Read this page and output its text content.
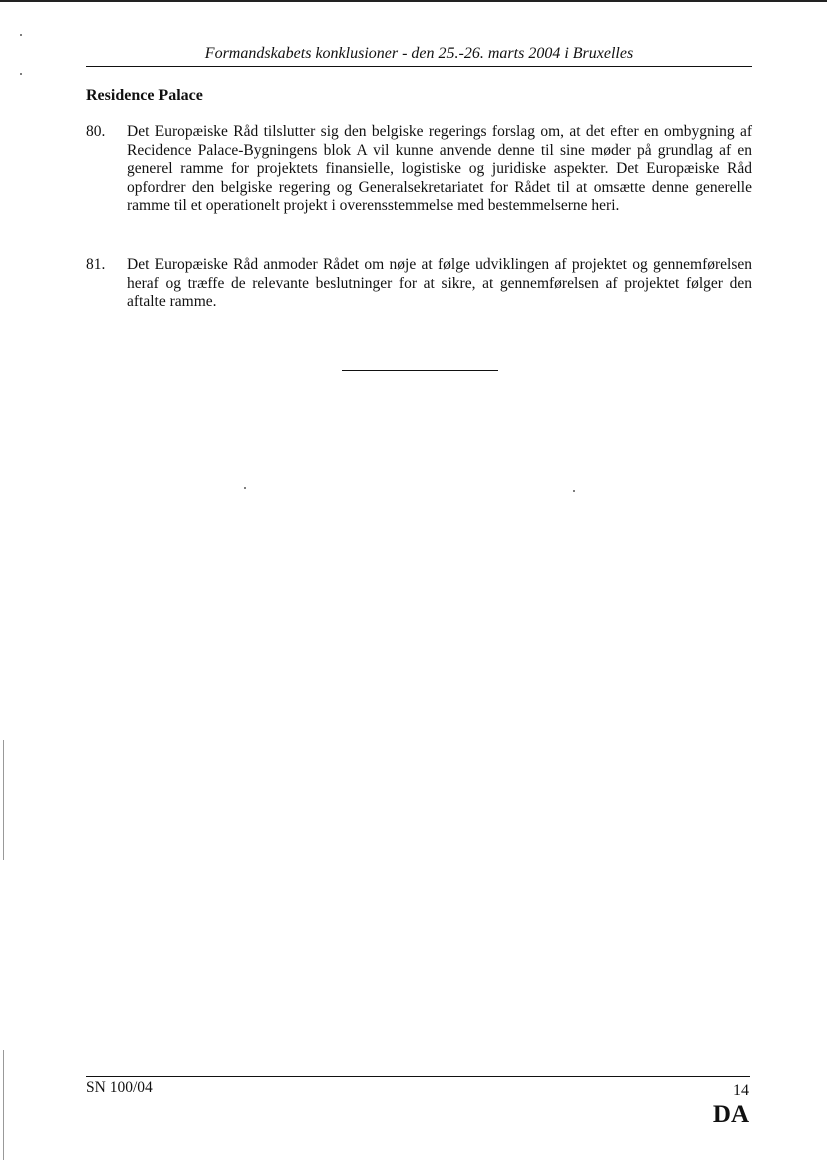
Formandskabets konklusioner - den 25.-26. marts 2004 i Bruxelles
Residence Palace
80.	Det Europæiske Råd tilslutter sig den belgiske regerings forslag om, at det efter en ombygning af Recidence Palace-Bygningens blok A vil kunne anvende denne til sine møder på grundlag af en generel ramme for projektets finansielle, logistiske og juridiske aspekter. Det Europæiske Råd opfordrer den belgiske regering og Generalsekretariatet for Rådet til at omsætte denne generelle ramme til et operationelt projekt i overensstemmelse med bestemmelserne heri.
81.	Det Europæiske Råd anmoder Rådet om nøje at følge udviklingen af projektet og gennemførelsen heraf og træffe de relevante beslutninger for at sikre, at gennemførelsen af projektet følger den aftalte ramme.
SN 100/04	14
DA
